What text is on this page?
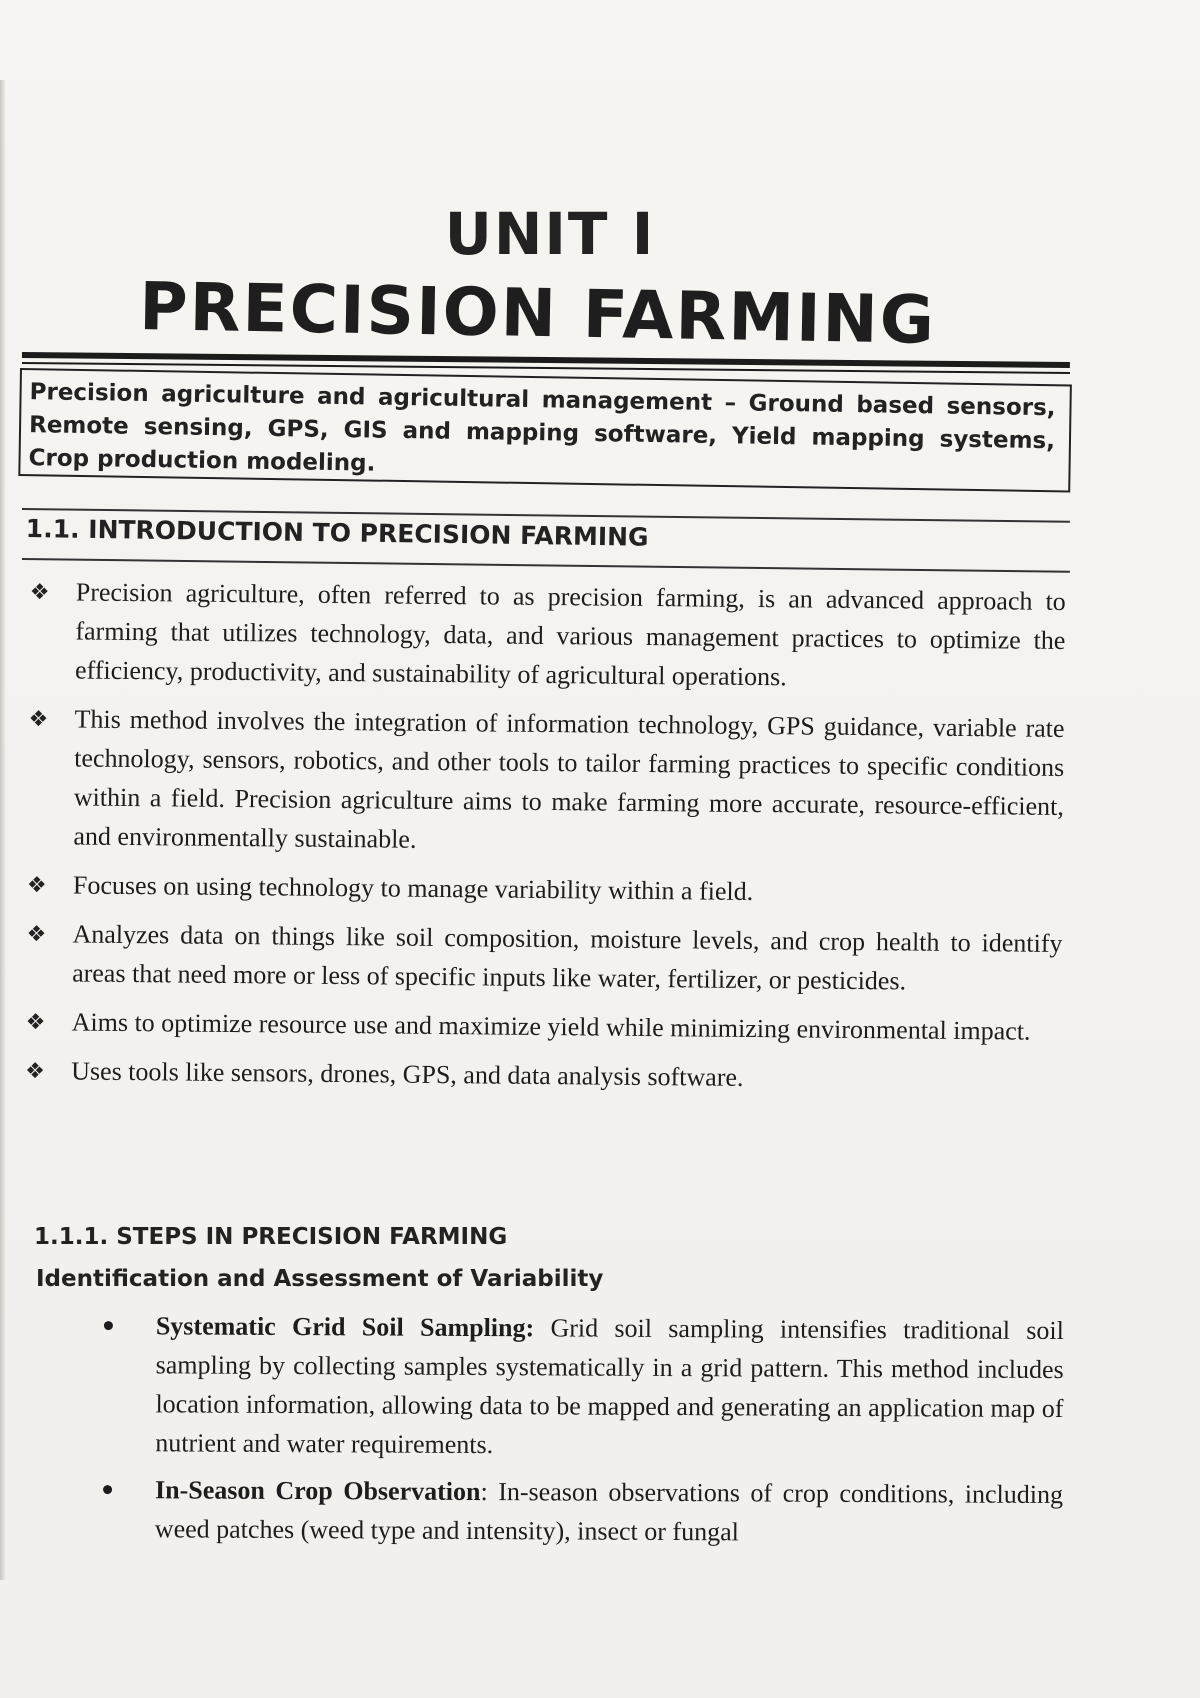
UNIT I
PRECISION FARMING
Precision agriculture and agricultural management – Ground based sensors, Remote sensing, GPS, GIS and mapping software, Yield mapping systems, Crop production modeling.
1.1. INTRODUCTION TO PRECISION FARMING
❖ Precision agriculture, often referred to as precision farming, is an advanced approach to farming that utilizes technology, data, and various management practices to optimize the efficiency, productivity, and sustainability of agricultural operations.
❖ This method involves the integration of information technology, GPS guidance, variable rate technology, sensors, robotics, and other tools to tailor farming practices to specific conditions within a field. Precision agriculture aims to make farming more accurate, resource-efficient, and environmentally sustainable.
❖ Focuses on using technology to manage variability within a field.
❖ Analyzes data on things like soil composition, moisture levels, and crop health to identify areas that need more or less of specific inputs like water, fertilizer, or pesticides.
❖ Aims to optimize resource use and maximize yield while minimizing environmental impact.
❖ Uses tools like sensors, drones, GPS, and data analysis software.
1.1.1. STEPS IN PRECISION FARMING
Identification and Assessment of Variability
Systematic Grid Soil Sampling: Grid soil sampling intensifies traditional soil sampling by collecting samples systematically in a grid pattern. This method includes location information, allowing data to be mapped and generating an application map of nutrient and water requirements.
In-Season Crop Observation: In-season observations of crop conditions, including weed patches (weed type and intensity), insect or fungal
